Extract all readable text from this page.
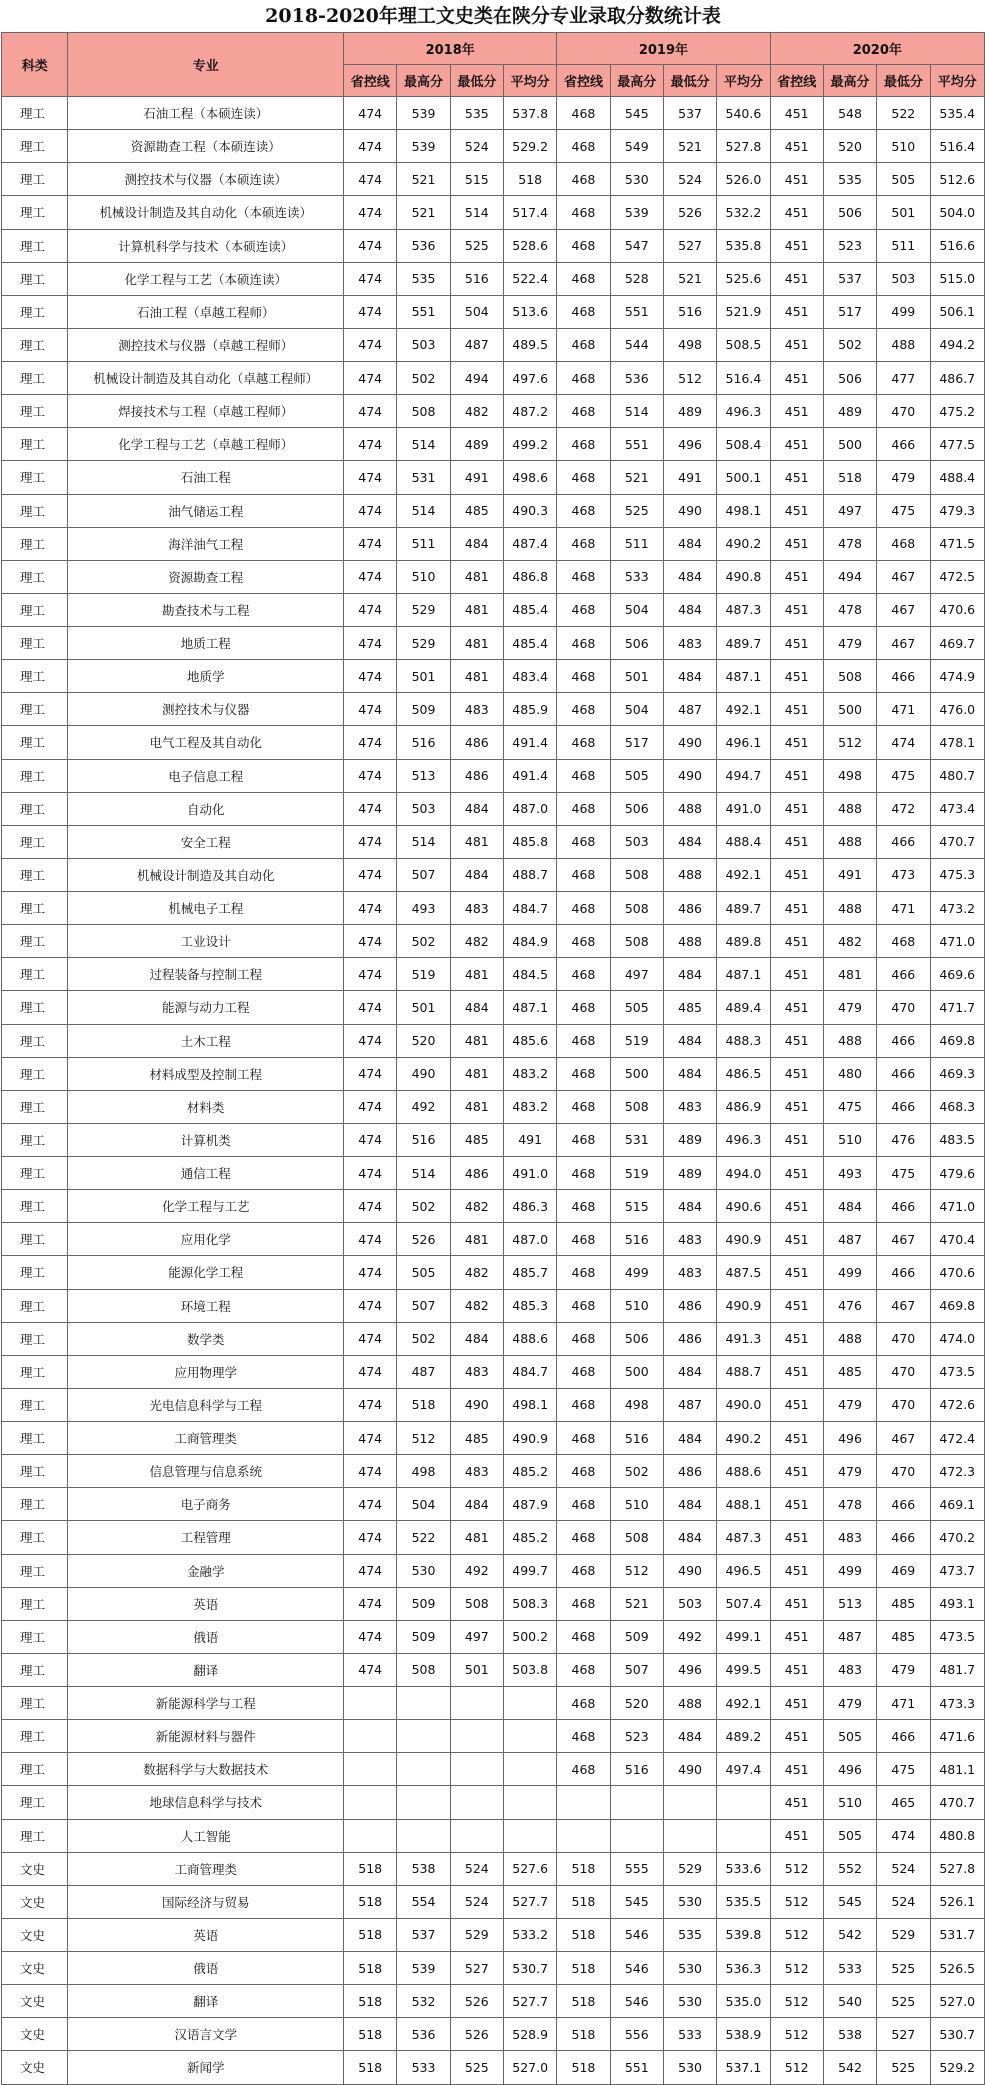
2018-2020年理工文史类在陕分专业录取分数统计表
科类	专业	2018年				2019年				2020年			
		省控线	最高分	最低分	平均分	省控线	最高分	最低分	平均分	省控线	最高分	最低分	平均分
理工	石油工程（本硕连读）	474	539	535	537.8	468	545	537	540.6	451	548	522	535.4
理工	资源勘查工程（本硕连读）	474	539	524	529.2	468	549	521	527.8	451	520	510	516.4
理工	测控技术与仪器（本硕连读）	474	521	515	518	468	530	524	526.0	451	535	505	512.6
理工	机械设计制造及其自动化（本硕连读）	474	521	514	517.4	468	539	526	532.2	451	506	501	504.0
理工	计算机科学与技术（本硕连读）	474	536	525	528.6	468	547	527	535.8	451	523	511	516.6
理工	化学工程与工艺（本硕连读）	474	535	516	522.4	468	528	521	525.6	451	537	503	515.0
理工	石油工程（卓越工程师）	474	551	504	513.6	468	551	516	521.9	451	517	499	506.1
理工	测控技术与仪器（卓越工程师）	474	503	487	489.5	468	544	498	508.5	451	502	488	494.2
理工	机械设计制造及其自动化（卓越工程师）	474	502	494	497.6	468	536	512	516.4	451	506	477	486.7
理工	焊接技术与工程（卓越工程师）	474	508	482	487.2	468	514	489	496.3	451	489	470	475.2
理工	化学工程与工艺（卓越工程师）	474	514	489	499.2	468	551	496	508.4	451	500	466	477.5
理工	石油工程	474	531	491	498.6	468	521	491	500.1	451	518	479	488.4
理工	油气储运工程	474	514	485	490.3	468	525	490	498.1	451	497	475	479.3
理工	海洋油气工程	474	511	484	487.4	468	511	484	490.2	451	478	468	471.5
理工	资源勘查工程	474	510	481	486.8	468	533	484	490.8	451	494	467	472.5
理工	勘查技术与工程	474	529	481	485.4	468	504	484	487.3	451	478	467	470.6
理工	地质工程	474	529	481	485.4	468	506	483	489.7	451	479	467	469.7
理工	地质学	474	501	481	483.4	468	501	484	487.1	451	508	466	474.9
理工	测控技术与仪器	474	509	483	485.9	468	504	487	492.1	451	500	471	476.0
理工	电气工程及其自动化	474	516	486	491.4	468	517	490	496.1	451	512	474	478.1
理工	电子信息工程	474	513	486	491.4	468	505	490	494.7	451	498	475	480.7
理工	自动化	474	503	484	487.0	468	506	488	491.0	451	488	472	473.4
理工	安全工程	474	514	481	485.8	468	503	484	488.4	451	488	466	470.7
理工	机械设计制造及其自动化	474	507	484	488.7	468	508	488	492.1	451	491	473	475.3
理工	机械电子工程	474	493	483	484.7	468	508	486	489.7	451	488	471	473.2
理工	工业设计	474	502	482	484.9	468	508	488	489.8	451	482	468	471.0
理工	过程装备与控制工程	474	519	481	484.5	468	497	484	487.1	451	481	466	469.6
理工	能源与动力工程	474	501	484	487.1	468	505	485	489.4	451	479	470	471.7
理工	土木工程	474	520	481	485.6	468	519	484	488.3	451	488	466	469.8
理工	材料成型及控制工程	474	490	481	483.2	468	500	484	486.5	451	480	466	469.3
理工	材料类	474	492	481	483.2	468	508	483	486.9	451	475	466	468.3
理工	计算机类	474	516	485	491	468	531	489	496.3	451	510	476	483.5
理工	通信工程	474	514	486	491.0	468	519	489	494.0	451	493	475	479.6
理工	化学工程与工艺	474	502	482	486.3	468	515	484	490.6	451	484	466	471.0
理工	应用化学	474	526	481	487.0	468	516	483	490.9	451	487	467	470.4
理工	能源化学工程	474	505	482	485.7	468	499	483	487.5	451	499	466	470.6
理工	环境工程	474	507	482	485.3	468	510	486	490.9	451	476	467	469.8
理工	数学类	474	502	484	488.6	468	506	486	491.3	451	488	470	474.0
理工	应用物理学	474	487	483	484.7	468	500	484	488.7	451	485	470	473.5
理工	光电信息科学与工程	474	518	490	498.1	468	498	487	490.0	451	479	470	472.6
理工	工商管理类	474	512	485	490.9	468	516	484	490.2	451	496	467	472.4
理工	信息管理与信息系统	474	498	483	485.2	468	502	486	488.6	451	479	470	472.3
理工	电子商务	474	504	484	487.9	468	510	484	488.1	451	478	466	469.1
理工	工程管理	474	522	481	485.2	468	508	484	487.3	451	483	466	470.2
理工	金融学	474	530	492	499.7	468	512	490	496.5	451	499	469	473.7
理工	英语	474	509	508	508.3	468	521	503	507.4	451	513	485	493.1
理工	俄语	474	509	497	500.2	468	509	492	499.1	451	487	485	473.5
理工	翻译	474	508	501	503.8	468	507	496	499.5	451	483	479	481.7
理工	新能源科学与工程					468	520	488	492.1	451	479	471	473.3
理工	新能源材料与器件					468	523	484	489.2	451	505	466	471.6
理工	数据科学与大数据技术					468	516	490	497.4	451	496	475	481.1
理工	地球信息科学与技术									451	510	465	470.7
理工	人工智能									451	505	474	480.8
文史	工商管理类	518	538	524	527.6	518	555	529	533.6	512	552	524	527.8
文史	国际经济与贸易	518	554	524	527.7	518	545	530	535.5	512	545	524	526.1
文史	英语	518	537	529	533.2	518	546	535	539.8	512	542	529	531.7
文史	俄语	518	539	527	530.7	518	546	530	536.3	512	533	525	526.5
文史	翻译	518	532	526	527.7	518	546	530	535.0	512	540	525	527.0
文史	汉语言文学	518	536	526	528.9	518	556	533	538.9	512	538	527	530.7
文史	新闻学	518	533	525	527.0	518	551	530	537.1	512	542	525	529.2
